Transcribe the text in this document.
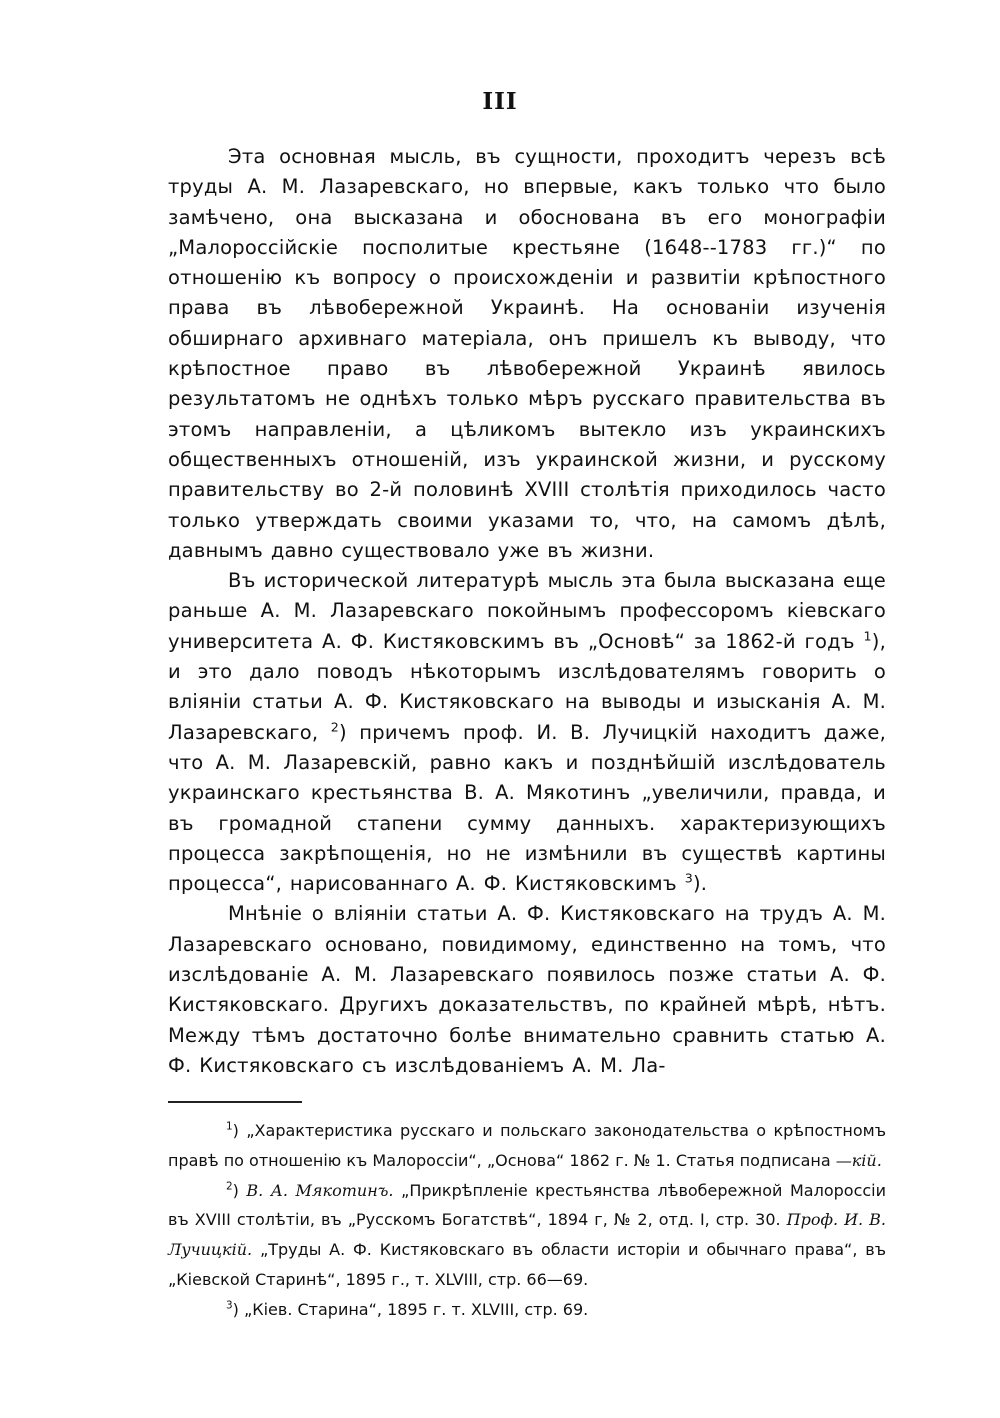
III

Эта основная мысль, въ сущности, проходитъ черезъ всѣ труды А. М. Лазаревскаго, но впервые, какъ только что было замѣчено, она высказана и обоснована въ его монографіи „Малороссійскіе посполитые крестьяне (1648--1783 гг.)“ по отношенію къ вопросу о происхожденіи и развитіи крѣпостного права въ лѣвобережной Украинѣ. На основаніи изученія обширнаго архивнаго матеріала, онъ пришелъ къ выводу, что крѣпостное право въ лѣвобережной Украинѣ явилось результатомъ не однѣхъ только мѣръ русскаго правительства въ этомъ направленіи, а цѣликомъ вытекло изъ украинскихъ общественныхъ отношеній, изъ украинской жизни, и русскому правительству во 2-й половинѣ XVIII столѣтія приходилось часто только утверждать своими указами то, что, на самомъ дѣлѣ, давнымъ давно существовало уже въ жизни.

Въ исторической литературѣ мысль эта была высказана еще раньше А. М. Лазаревскаго покойнымъ профессоромъ кіевскаго университета А. Ф. Кистяковскимъ въ „Основѣ“ за 1862-й годъ $^1$), и это дало поводъ нѣкоторымъ изслѣдователямъ говорить о вліяніи статьи А. Ф. Кистяковскаго на выводы и изысканія А. М. Лазаревскаго, $^2$) причемъ проф. И. В. Лучицкій находитъ даже, что А. М. Лазаревскій, равно какъ и позднѣйшій изслѣдователь украинскаго крестьянства В. А. Мякотинъ „увеличили, правда, и въ громадной стапени сумму данныхъ. характеризующихъ процесса закрѣпощенія, но не измѣнили въ существѣ картины процесса“, нарисованнаго А. Ф. Кистяковскимъ $^3$).

Мнѣніе о вліяніи статьи А. Ф. Кистяковскаго на трудъ А. М. Лазаревскаго основано, повидимому, единственно на томъ, что изслѣдованіе А. М. Лазаревскаго появилось позже статьи А. Ф. Кистяковскаго. Другихъ доказательствъ, по крайней мѣрѣ, нѣтъ. Между тѣмъ достаточно болѣе внимательно сравнить статью А. Ф. Кистяковскаго съ изслѣдованіемъ А. М. Ла-

$^1$) „Характеристика русскаго и польскаго законодательства о крѣпостномъ правѣ по отношенію къ Малороссіи“, „Основа“ 1862 г. № 1. Статья подписана —кій.

$^2$) В. А. Мякотинъ. „Прикрѣпленіе крестьянства лѣвобережной Малороссіи въ XVIII столѣтіи, въ „Русскомъ Богатствѣ“, 1894 г, № 2, отд. I, стр. 30. Проф. И. В. Лучицкій. „Труды А. Ф. Кистяковскаго въ области исторіи и обычнаго права“, въ „Кіевской Старинѣ“, 1895 г., т. XLVIII, стр. 66—69.

$^3$) „Кіев. Старина“, 1895 г. т. XLVIII, стр. 69.
